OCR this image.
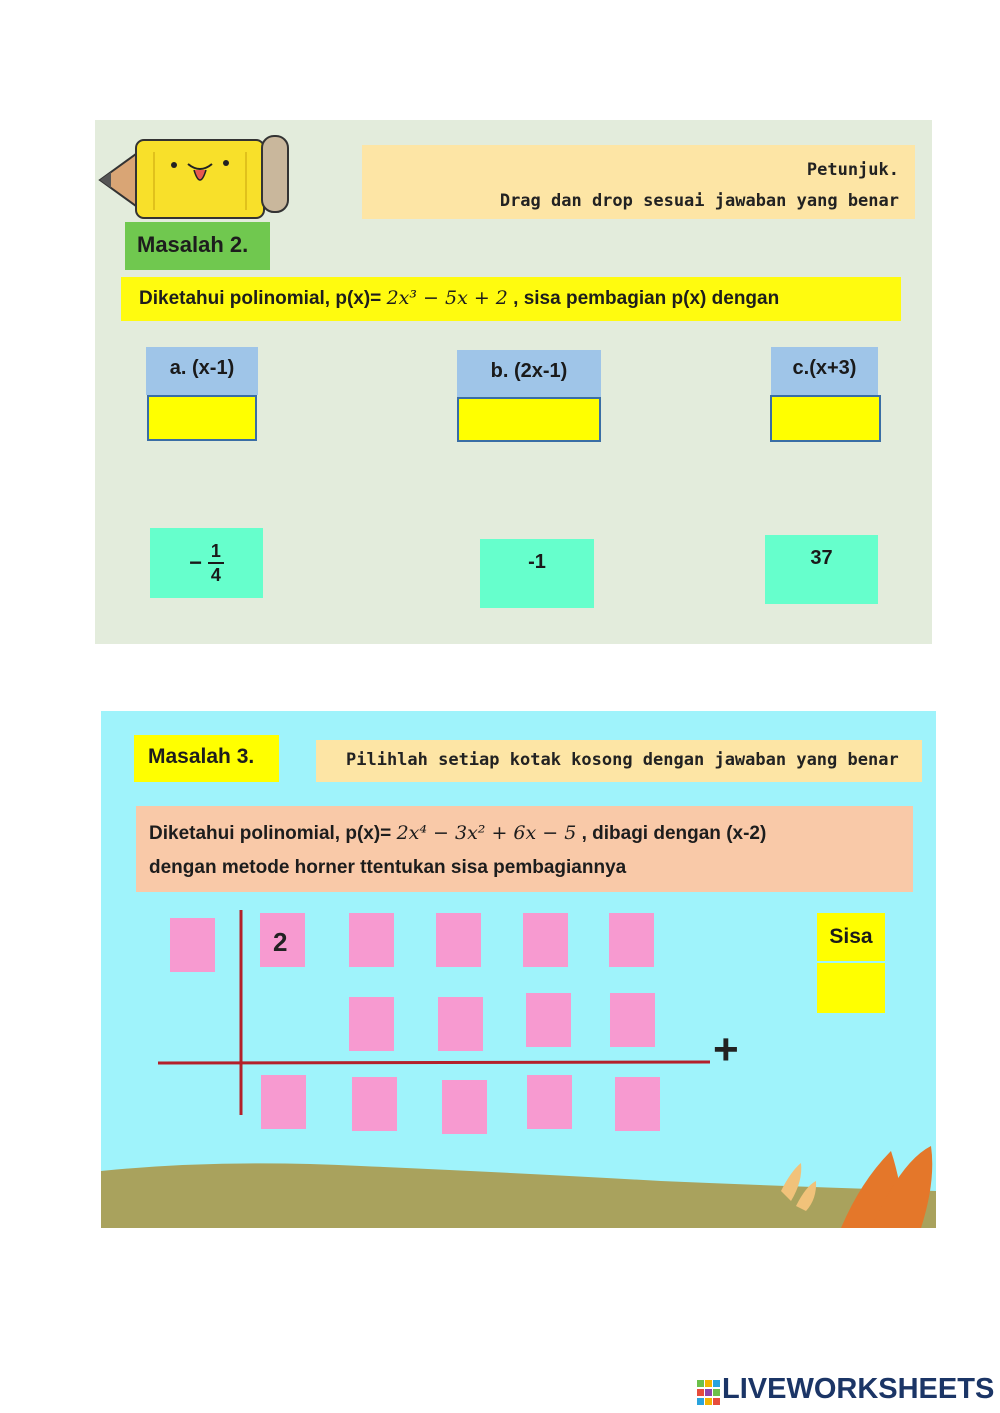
Petunjuk.
Drag dan drop sesuai jawaban yang benar
Masalah 2.
Diketahui polinomial, p(x)= 2x³ − 5x + 2 , sisa pembagian p(x) dengan
a. (x-1)	b. (2x-1)	c.(x+3)
− $\frac{1}{4}$	-1	37
Masalah 3.	Pilihlah setiap kotak kosong dengan jawaban yang benar
Diketahui polinomial, p(x)= 2x⁴ − 3x² + 6x − 5 , dibagi dengan (x-2)
dengan metode horner ttentukan sisa pembagiannya
2
+
Sisa
LIVEWORKSHEETS
